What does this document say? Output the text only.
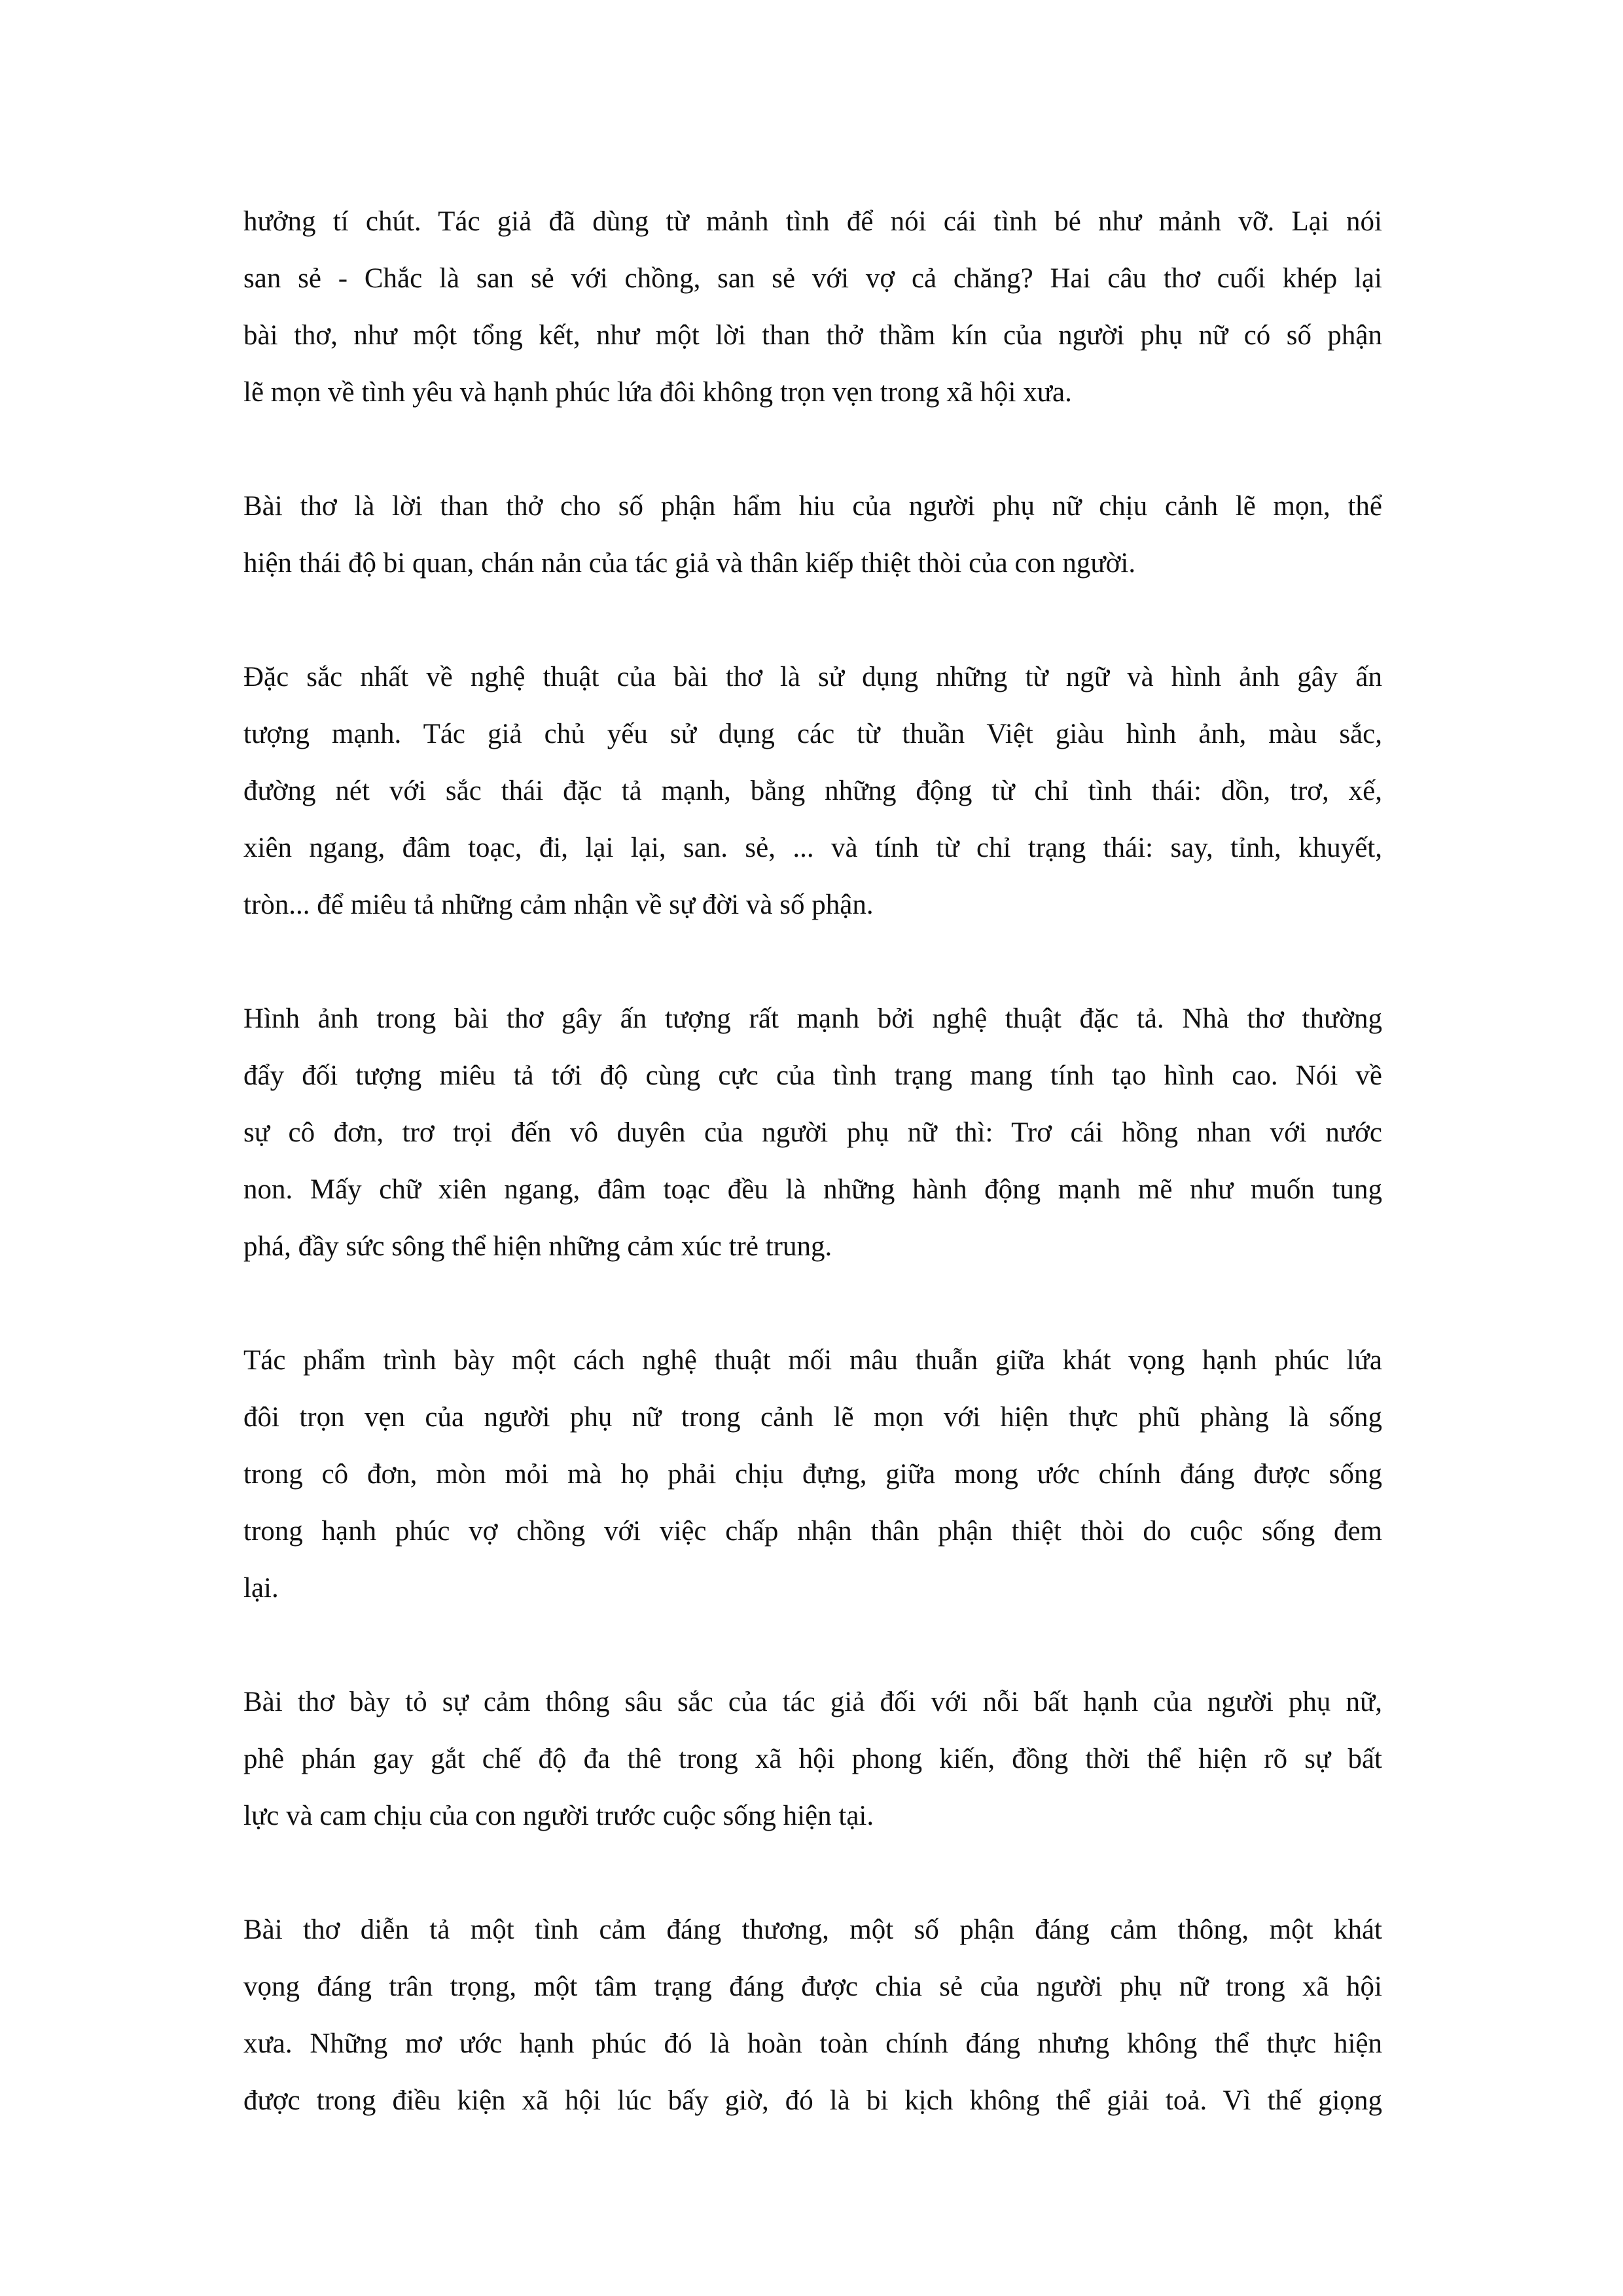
hưởng tí chút. Tác giả đã dùng từ mảnh tình để nói cái tình bé như mảnh vỡ. Lại nói
san sẻ - Chắc là san sẻ với chồng, san sẻ với vợ cả chăng? Hai câu thơ cuối khép lại
bài thơ, như một tổng kết, như một lời than thở thầm kín của người phụ nữ có số phận
lẽ mọn về tình yêu và hạnh phúc lứa đôi không trọn vẹn trong xã hội xưa.

Bài thơ là lời than thở cho số phận hẩm hiu của người phụ nữ chịu cảnh lẽ mọn, thể
hiện thái độ bi quan, chán nản của tác giả và thân kiếp thiệt thòi của con người.

Đặc sắc nhất về nghệ thuật của bài thơ là sử dụng những từ ngữ và hình ảnh gây ấn
tượng mạnh. Tác giả chủ yếu sử dụng các từ thuần Việt giàu hình ảnh, màu sắc,
đường nét với sắc thái đặc tả mạnh, bằng những động từ chỉ tình thái: dồn, trơ, xế,
xiên ngang, đâm toạc, đi, lại lại, san. sẻ, ... và tính từ chỉ trạng thái: say, tỉnh, khuyết,
tròn... để miêu tả những cảm nhận về sự đời và số phận.

Hình ảnh trong bài thơ gây ấn tượng rất mạnh bởi nghệ thuật đặc tả. Nhà thơ thường
đẩy đối tượng miêu tả tới độ cùng cực của tình trạng mang tính tạo hình cao. Nói về
sự cô đơn, trơ trọi đến vô duyên của người phụ nữ thì: Trơ cái hồng nhan với nước
non. Mấy chữ xiên ngang, đâm toạc đều là những hành động mạnh mẽ như muốn tung
phá, đầy sức sông thể hiện những cảm xúc trẻ trung.

Tác phẩm trình bày một cách nghệ thuật mối mâu thuẫn giữa khát vọng hạnh phúc lứa
đôi trọn vẹn của người phụ nữ trong cảnh lẽ mọn với hiện thực phũ phàng là sống
trong cô đơn, mòn mỏi mà họ phải chịu đựng, giữa mong ước chính đáng được sống
trong hạnh phúc vợ chồng với việc chấp nhận thân phận thiệt thòi do cuộc sống đem
lại.

Bài thơ bày tỏ sự cảm thông sâu sắc của tác giả đối với nỗi bất hạnh của người phụ nữ,
phê phán gay gắt chế độ đa thê trong xã hội phong kiến, đồng thời thể hiện rõ sự bất
lực và cam chịu của con người trước cuộc sống hiện tại.

Bài thơ diễn tả một tình cảm đáng thương, một số phận đáng cảm thông, một khát
vọng đáng trân trọng, một tâm trạng đáng được chia sẻ của người phụ nữ trong xã hội
xưa. Những mơ ước hạnh phúc đó là hoàn toàn chính đáng nhưng không thể thực hiện
được trong điều kiện xã hội lúc bấy giờ, đó là bi kịch không thể giải toả. Vì thế giọng
